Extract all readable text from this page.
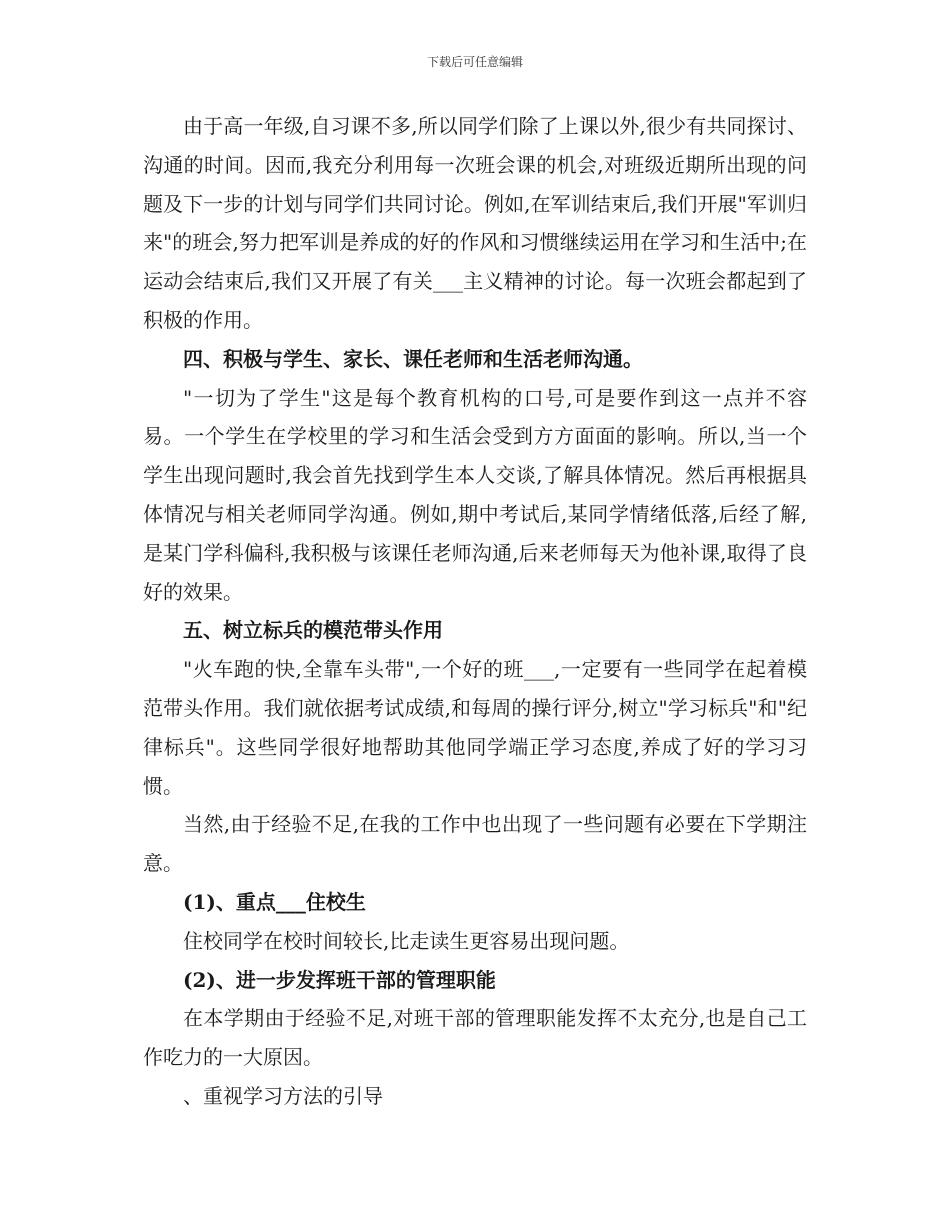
下载后可任意编辑

由于高一年级,自习课不多,所以同学们除了上课以外,很少有共同探讨、沟通的时间。因而,我充分利用每一次班会课的机会,对班级近期所出现的问题及下一步的计划与同学们共同讨论。例如,在军训结束后,我们开展"军训归来"的班会,努力把军训是养成的好的作风和习惯继续运用在学习和生活中;在运动会结束后,我们又开展了有关___主义精神的讨论。每一次班会都起到了积极的作用。

四、积极与学生、家长、课任老师和生活老师沟通。

"一切为了学生"这是每个教育机构的口号,可是要作到这一点并不容易。一个学生在学校里的学习和生活会受到方方面面的影响。所以,当一个学生出现问题时,我会首先找到学生本人交谈,了解具体情况。然后再根据具体情况与相关老师同学沟通。例如,期中考试后,某同学情绪低落,后经了解,是某门学科偏科,我积极与该课任老师沟通,后来老师每天为他补课,取得了良好的效果。

五、树立标兵的模范带头作用

"火车跑的快,全靠车头带",一个好的班___,一定要有一些同学在起着模范带头作用。我们就依据考试成绩,和每周的操行评分,树立"学习标兵"和"纪律标兵"。这些同学很好地帮助其他同学端正学习态度,养成了好的学习习惯。

当然,由于经验不足,在我的工作中也出现了一些问题有必要在下学期注意。

(1)、重点___住校生

住校同学在校时间较长,比走读生更容易出现问题。

(2)、进一步发挥班干部的管理职能

在本学期由于经验不足,对班干部的管理职能发挥不太充分,也是自己工作吃力的一大原因。

、重视学习方法的引导
